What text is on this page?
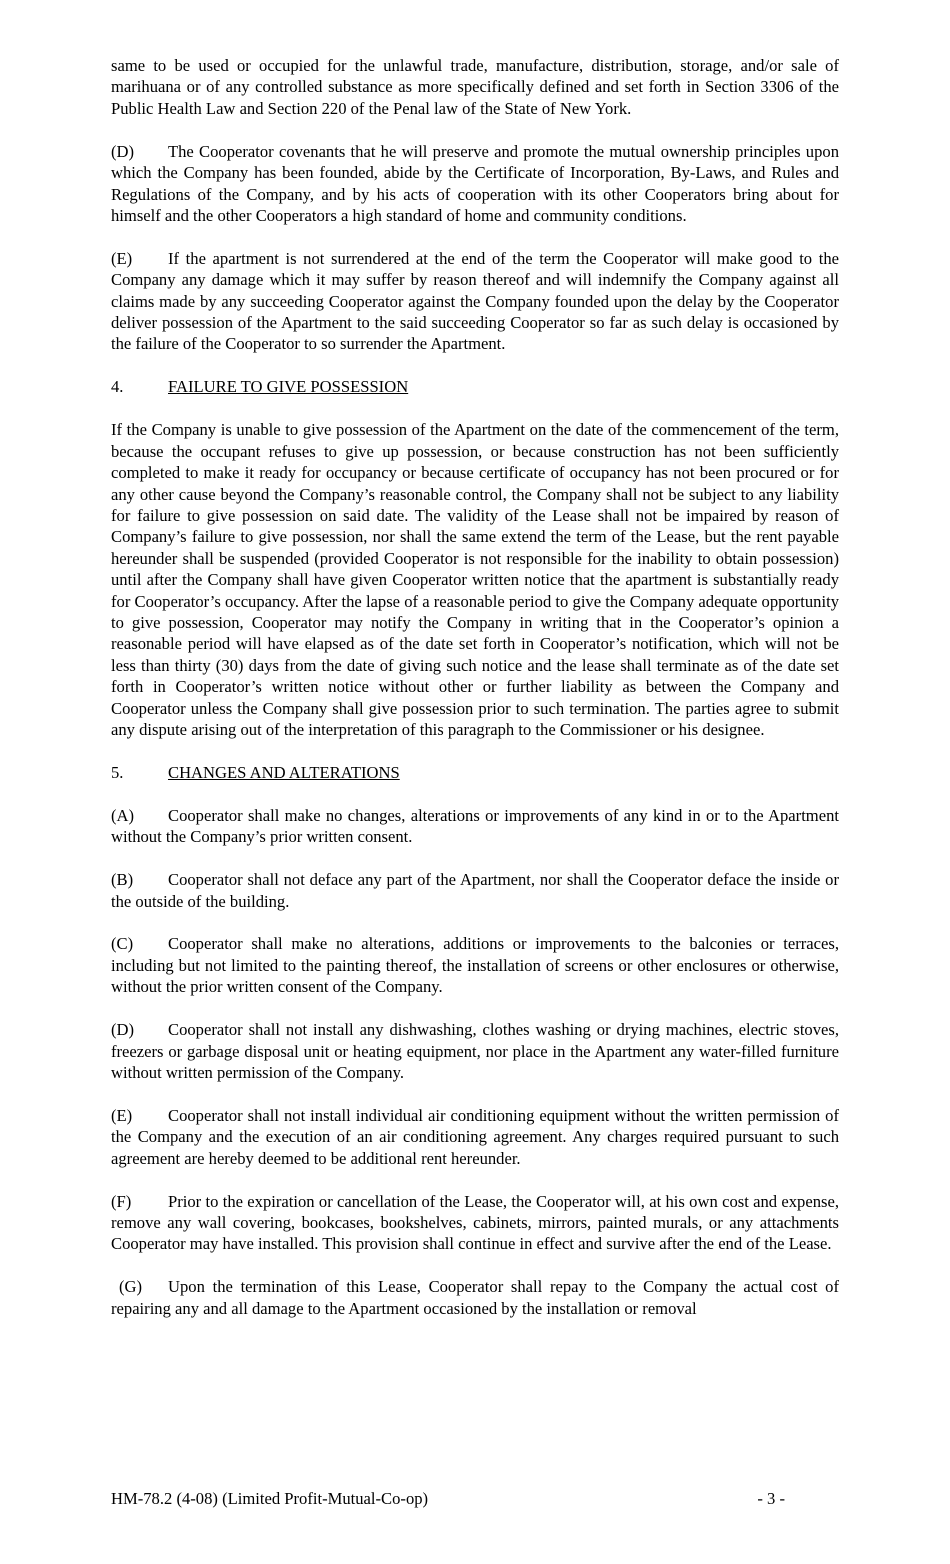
same to be used or occupied for the unlawful trade, manufacture, distribution, storage, and/or sale of marihuana or of any controlled substance as more specifically defined and set forth in Section 3306 of the Public Health Law and Section 220 of the Penal law of the State of New York.

(D) The Cooperator covenants that he will preserve and promote the mutual ownership principles upon which the Company has been founded, abide by the Certificate of Incorporation, By-Laws, and Rules and Regulations of the Company, and by his acts of cooperation with its other Cooperators bring about for himself and the other Cooperators a high standard of home and community conditions.

(E) If the apartment is not surrendered at the end of the term the Cooperator will make good to the Company any damage which it may suffer by reason thereof and will indemnify the Company against all claims made by any succeeding Cooperator against the Company founded upon the delay by the Cooperator deliver possession of the Apartment to the said succeeding Cooperator so far as such delay is occasioned by the failure of the Cooperator to so surrender the Apartment.

4.	FAILURE TO GIVE POSSESSION

If the Company is unable to give possession of the Apartment on the date of the commencement of the term, because the occupant refuses to give up possession, or because construction has not been sufficiently completed to make it ready for occupancy or because certificate of occupancy has not been procured or for any other cause beyond the Company’s reasonable control, the Company shall not be subject to any liability for failure to give possession on said date. The validity of the Lease shall not be impaired by reason of Company’s failure to give possession, nor shall the same extend the term of the Lease, but the rent payable hereunder shall be suspended (provided Cooperator is not responsible for the inability to obtain possession) until after the Company shall have given Cooperator written notice that the apartment is substantially ready for Cooperator’s occupancy. After the lapse of a reasonable period to give the Company adequate opportunity to give possession, Cooperator may notify the Company in writing that in the Cooperator’s opinion a reasonable period will have elapsed as of the date set forth in Cooperator’s notification, which will not be less than thirty (30) days from the date of giving such notice and the lease shall terminate as of the date set forth in Cooperator’s written notice without other or further liability as between the Company and Cooperator unless the Company shall give possession prior to such termination. The parties agree to submit any dispute arising out of the interpretation of this paragraph to the Commissioner or his designee.

5.	CHANGES AND ALTERATIONS

(A) Cooperator shall make no changes, alterations or improvements of any kind in or to the Apartment without the Company’s prior written consent.

(B) Cooperator shall not deface any part of the Apartment, nor shall the Cooperator deface the inside or the outside of the building.

(C) Cooperator shall make no alterations, additions or improvements to the balconies or terraces, including but not limited to the painting thereof, the installation of screens or other enclosures or otherwise, without the prior written consent of the Company.

(D) Cooperator shall not install any dishwashing, clothes washing or drying machines, electric stoves, freezers or garbage disposal unit or heating equipment, nor place in the Apartment any water-filled furniture without written permission of the Company.

(E) Cooperator shall not install individual air conditioning equipment without the written permission of the Company and the execution of an air conditioning agreement. Any charges required pursuant to such agreement are hereby deemed to be additional rent hereunder.

(F) Prior to the expiration or cancellation of the Lease, the Cooperator will, at his own cost and expense, remove any wall covering, bookcases, bookshelves, cabinets, mirrors, painted murals, or any attachments Cooperator may have installed. This provision shall continue in effect and survive after the end of the Lease.

(G) Upon the termination of this Lease, Cooperator shall repay to the Company the actual cost of repairing any and all damage to the Apartment occasioned by the installation or removal

HM-78.2 (4-08) (Limited Profit-Mutual-Co-op)	- 3 -
